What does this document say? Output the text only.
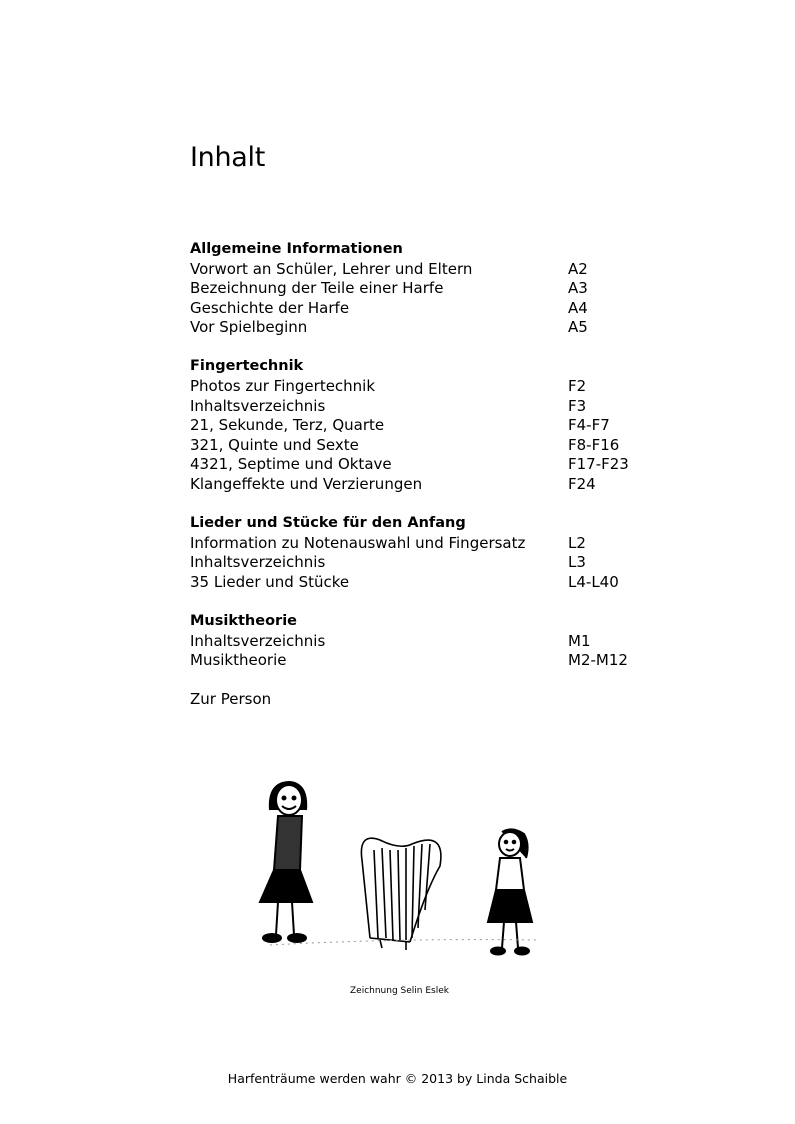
Inhalt
Allgemeine Informationen
Vorwort an Schüler, Lehrer und Eltern	A2
Bezeichnung der Teile einer Harfe	A3
Geschichte der Harfe	A4
Vor Spielbeginn	A5
Fingertechnik
Photos zur Fingertechnik	F2
Inhaltsverzeichnis	F3
21, Sekunde, Terz, Quarte	F4-F7
321, Quinte und Sexte	F8-F16
4321, Septime und Oktave	F17-F23
Klangeffekte und Verzierungen	F24
Lieder und Stücke für den Anfang
Information zu Notenauswahl und Fingersatz	L2
Inhaltsverzeichnis	L3
35 Lieder und Stücke	L4-L40
Musiktheorie
Inhaltsverzeichnis	M1
Musiktheorie	M2-M12
Zur Person
Zeichnung Selin Eslek
Harfenträume werden wahr © 2013 by Linda Schaible
